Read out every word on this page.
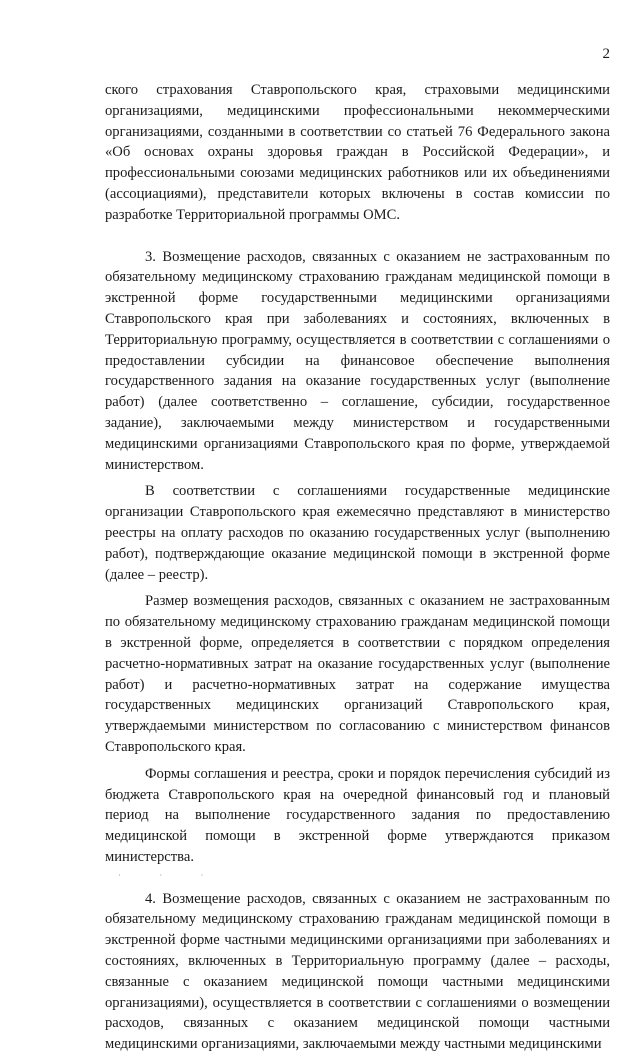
2

ского страхования Ставропольского края, страховыми медицинскими организациями, медицинскими профессиональными некоммерческими организациями, созданными в соответствии со статьей 76 Федерального закона «Об основах охраны здоровья граждан в Российской Федерации», и профессиональными союзами медицинских работников или их объединениями (ассоциациями), представители которых включены в состав комиссии по разработке Территориальной программы ОМС.

3. Возмещение расходов, связанных с оказанием не застрахованным по обязательному медицинскому страхованию гражданам медицинской помощи в экстренной форме государственными медицинскими организациями Ставропольского края при заболеваниях и состояниях, включенных в Территориальную программу, осуществляется в соответствии с соглашениями о предоставлении субсидии на финансовое обеспечение выполнения государственного задания на оказание государственных услуг (выполнение работ) (далее соответственно – соглашение, субсидии, государственное задание), заключаемыми между министерством и государственными медицинскими организациями Ставропольского края по форме, утверждаемой министерством.

В соответствии с соглашениями государственные медицинские организации Ставропольского края ежемесячно представляют в министерство реестры на оплату расходов по оказанию государственных услуг (выполнению работ), подтверждающие оказание медицинской помощи в экстренной форме (далее – реестр).

Размер возмещения расходов, связанных с оказанием не застрахованным по обязательному медицинскому страхованию гражданам медицинской помощи в экстренной форме, определяется в соответствии с порядком определения расчетно-нормативных затрат на оказание государственных услуг (выполнение работ) и расчетно-нормативных затрат на содержание имущества государственных медицинских организаций Ставропольского края, утверждаемыми министерством по согласованию с министерством финансов Ставропольского края.

Формы соглашения и реестра, сроки и порядок перечисления субсидий из бюджета Ставропольского края на очередной финансовый год и плановый период на выполнение государственного задания по предоставлению медицинской помощи в экстренной форме утверждаются приказом министерства.

4. Возмещение расходов, связанных с оказанием не застрахованным по обязательному медицинскому страхованию гражданам медицинской помощи в экстренной форме частными медицинскими организациями при заболеваниях и состояниях, включенных в Территориальную программу (далее – расходы, связанные с оказанием медицинской помощи частными медицинскими организациями), осуществляется в соответствии с соглашениями о возмещении расходов, связанных с оказанием медицинской помощи частными медицинскими организациями, заключаемыми между частными медицинскими

· · ·
